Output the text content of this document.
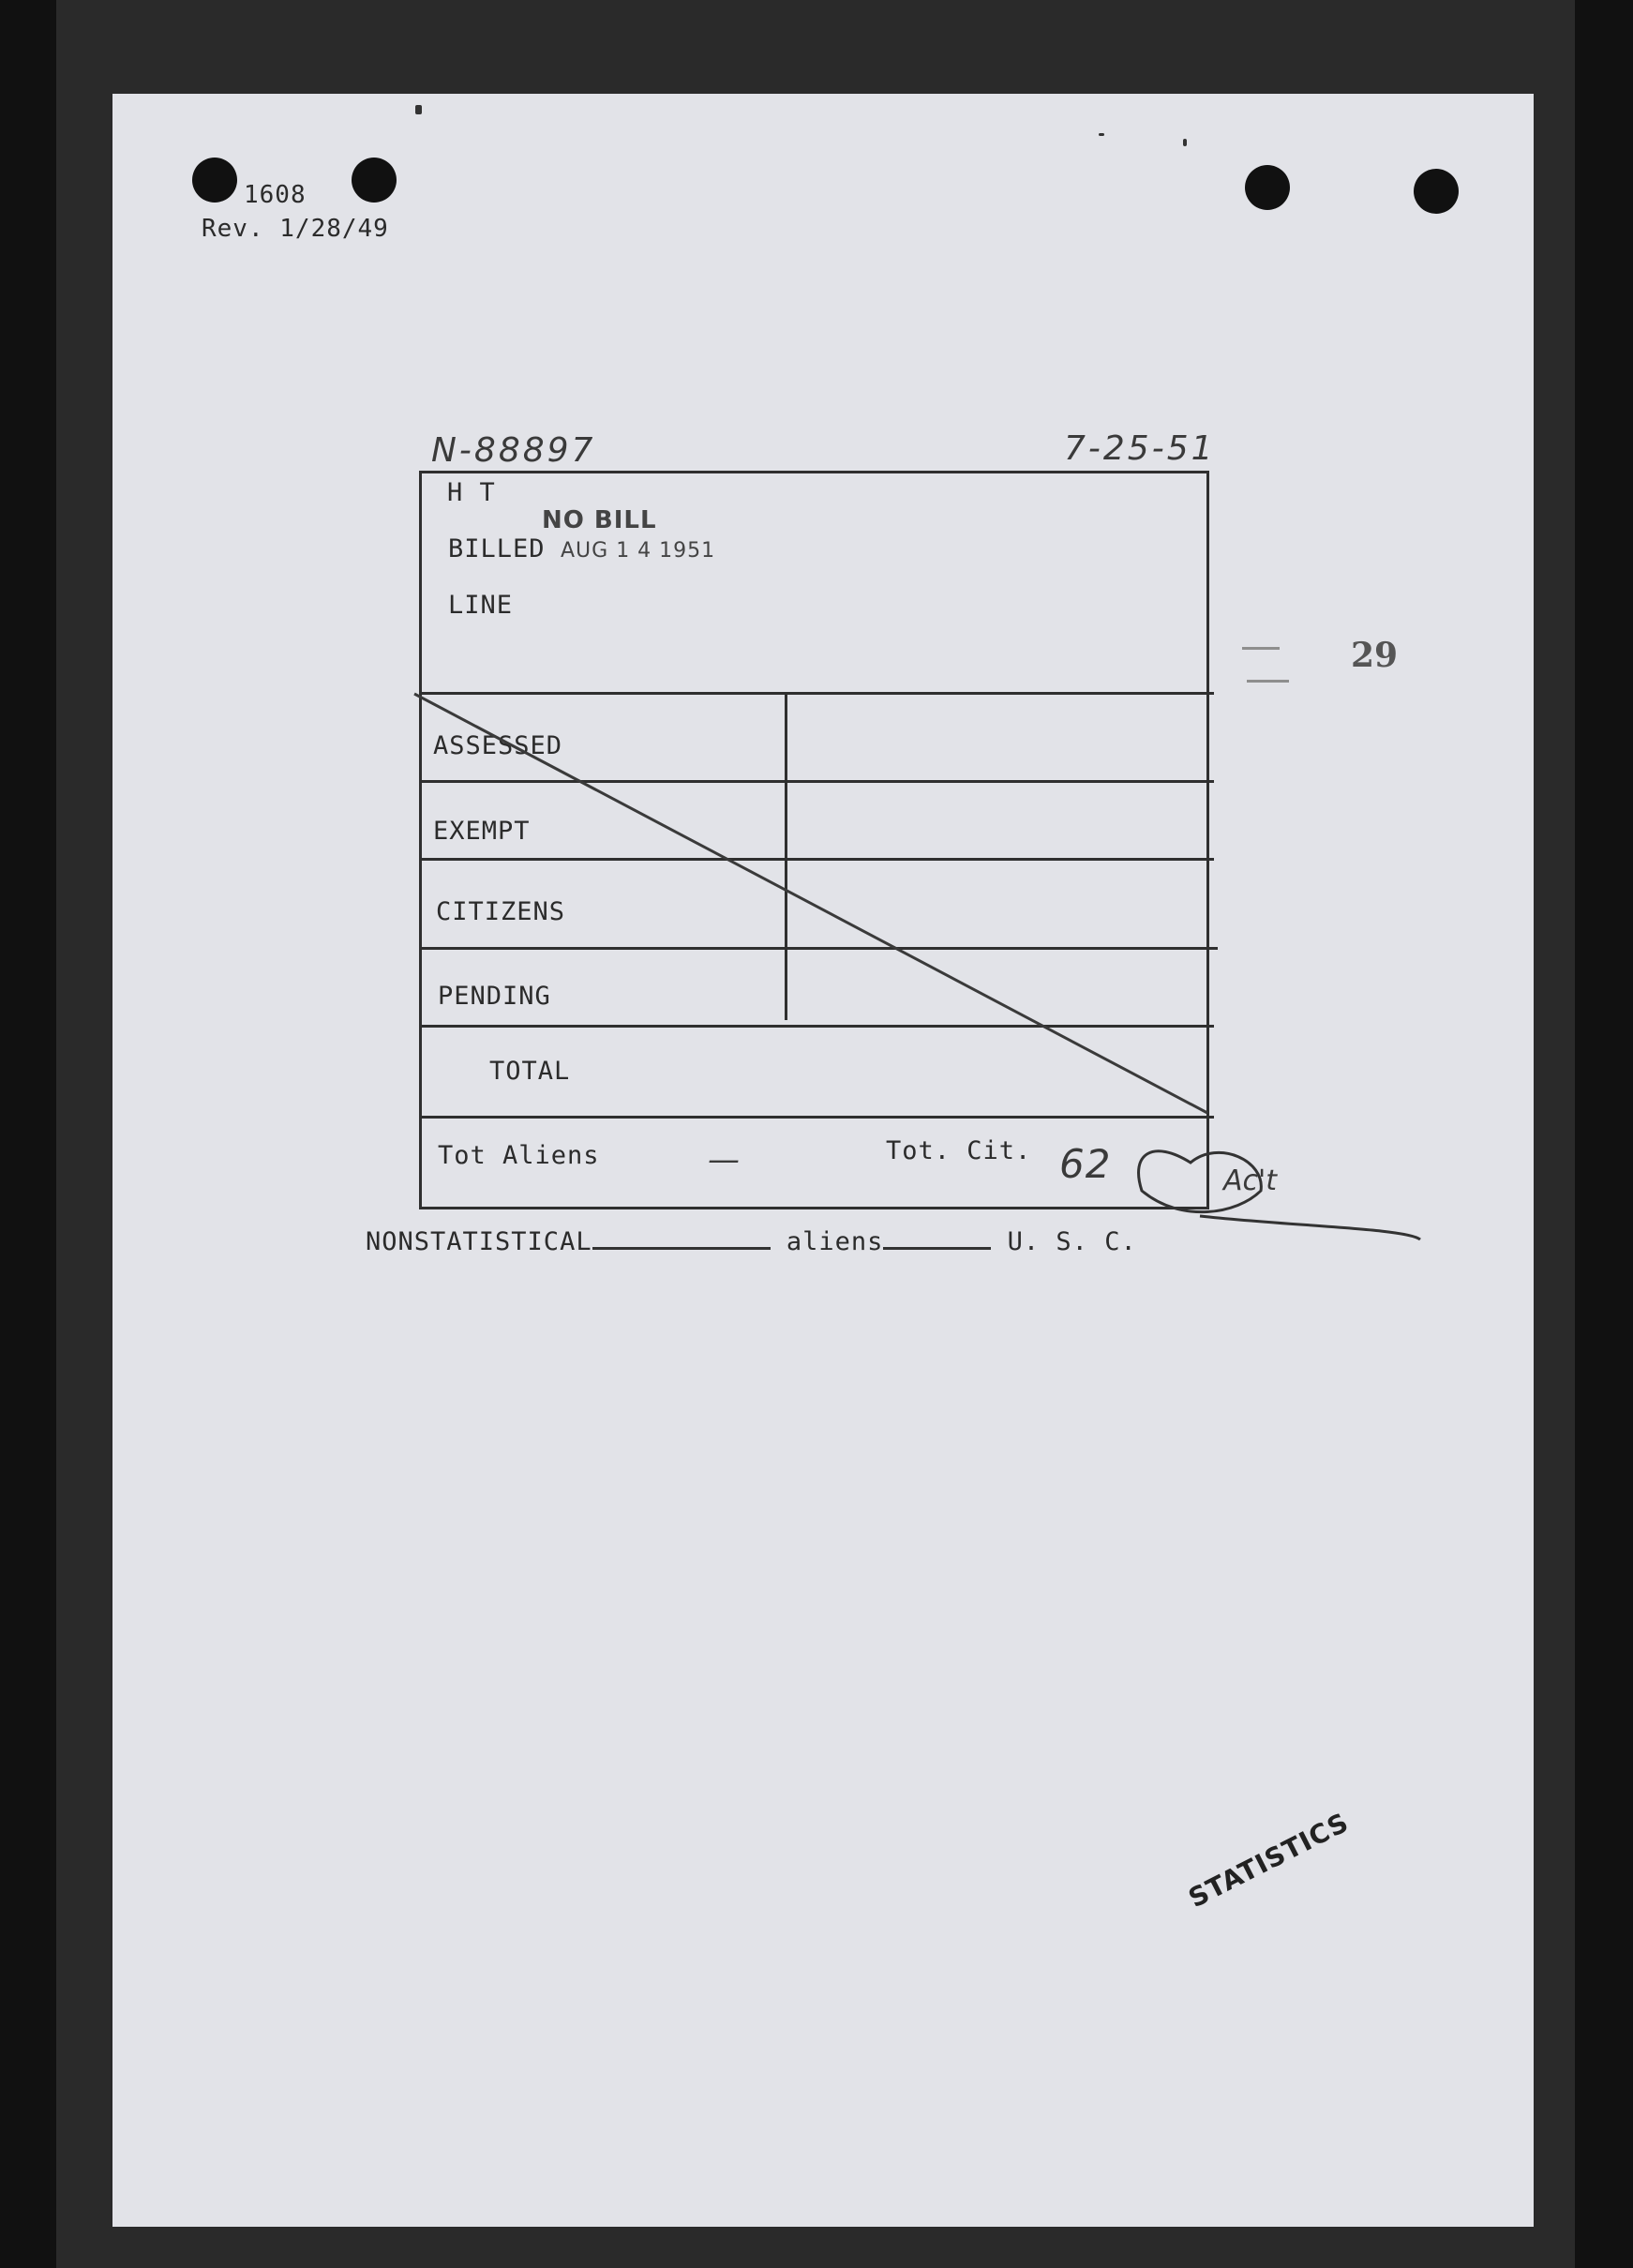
1608
Rev. 1/28/49
N-88897	7-25-51
29
H T
NO BILL
BILLED AUG 1 4 1951
LINE
ASSESSED
EXEMPT
CITIZENS
PENDING
TOTAL
Tot Aliens	—	Tot. Cit. 62	Ac't
NONSTATISTICAL	aliens	U. S. C.
STATISTICS
